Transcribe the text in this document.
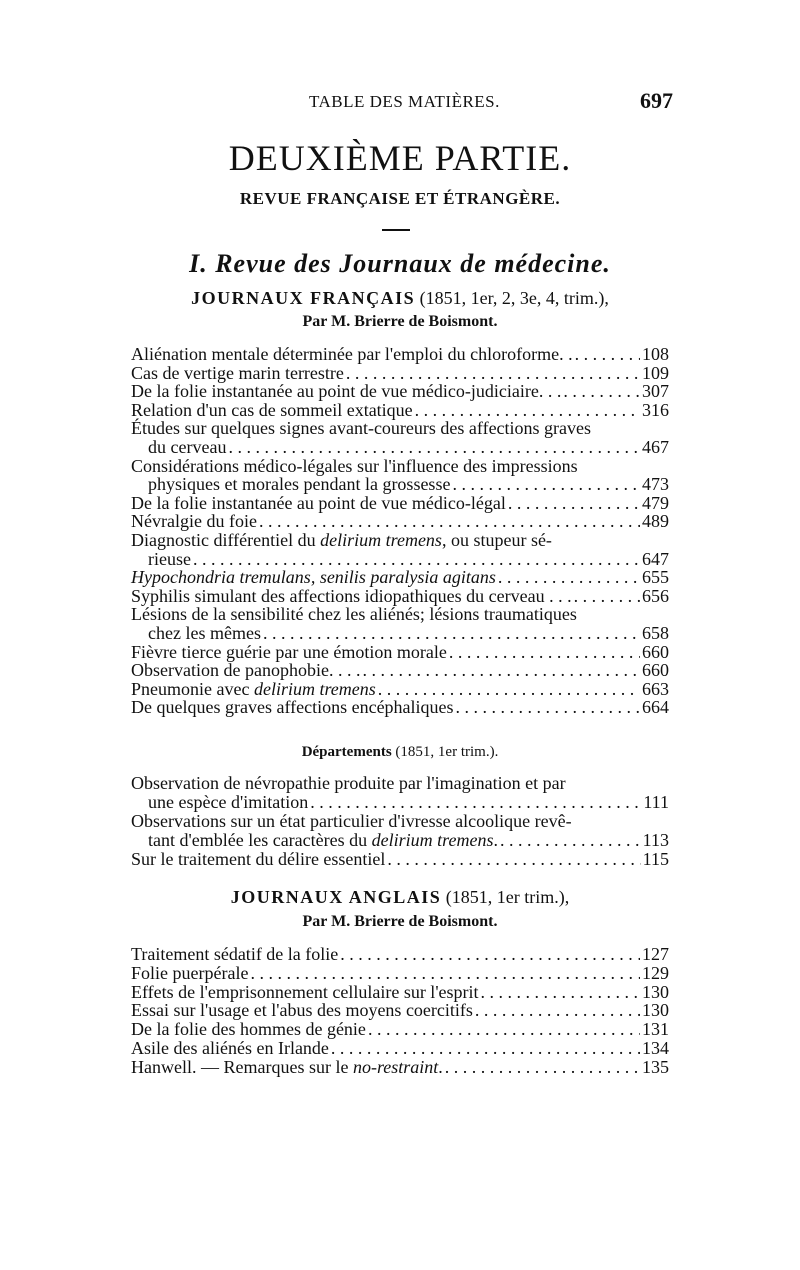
TABLE DES MATIÈRES.	697
DEUXIÈME PARTIE.
REVUE FRANÇAISE ET ÉTRANGÈRE.
I. Revue des Journaux de médecine.
JOURNAUX FRANÇAIS (1851, 1er, 2, 3e, 4, trim.),
Par M. Brierre de Boismont.
Aliénation mentale déterminée par l'emploi du chloroforme. . . . .	108
Cas de vertige marin terrestre . . .	109
De la folie instantanée au point de vue médico-judiciaire. . . . . .	307
Relation d'un cas de sommeil extatique . . .	316
Études sur quelques signes avant-coureurs des affections graves
du cerveau . . .	467
Considérations médico-légales sur l'influence des impressions
physiques et morales pendant la grossesse . . .	473
De la folie instantanée au point de vue médico-légal . . .	479
Névralgie du foie . . .	489
Diagnostic différentiel du delirium tremens, ou stupeur sé-
rieuse . . .	647
Hypochondria tremulans, senilis paralysia agitans . . .	655
Syphilis simulant des affections idiopathiques du cerveau . . . . . .	656
Lésions de la sensibilité chez les aliénés; lésions traumatiques
chez les mêmes . . .	658
Fièvre tierce guérie par une émotion morale . . .	660
Observation de panophobie. . . . . . .	660
Pneumonie avec delirium tremens . . .	663
De quelques graves affections encéphaliques . . .	664
Départements (1851, 1er trim.).
Observation de névropathie produite par l'imagination et par
une espèce d'imitation . . .	111
Observations sur un état particulier d'ivresse alcoolique revê-
tant d'emblée les caractères du delirium tremens. . . .	113
Sur le traitement du délire essentiel . . .	115
JOURNAUX ANGLAIS (1851, 1er trim.),
Par M. Brierre de Boismont.
Traitement sédatif de la folie . . .	127
Folie puerpérale . . .	129
Effets de l'emprisonnement cellulaire sur l'esprit . . .	130
Essai sur l'usage et l'abus des moyens coercitifs . . .	130
De la folie des hommes de génie . . .	131
Asile des aliénés en Irlande . . .	134
Hanwell. — Remarques sur le no-restraint. . . .	135
